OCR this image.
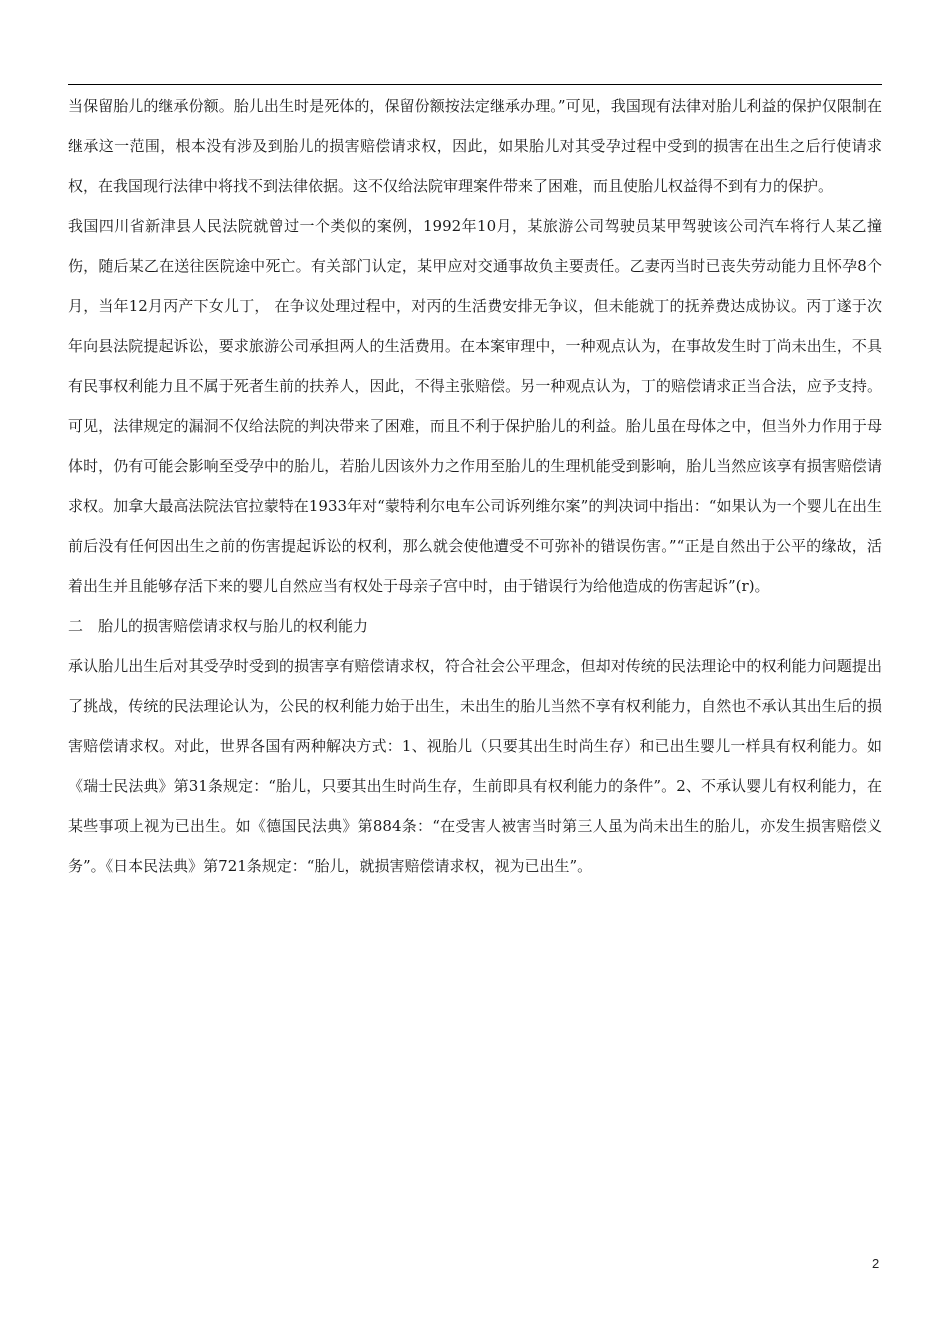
当保留胎儿的继承份额。胎儿出生时是死体的，保留份额按法定继承办理。”可见，我国现有法律对胎儿利益的保护仅限制在继承这一范围，根本没有涉及到胎儿的损害赔偿请求权，因此，如果胎儿对其受孕过程中受到的损害在出生之后行使请求权，在我国现行法律中将找不到法律依据。这不仅给法院审理案件带来了困难，而且使胎儿权益得不到有力的保护。

我国四川省新津县人民法院就曾过一个类似的案例，1992年10月，某旅游公司驾驶员某甲驾驶该公司汽车将行人某乙撞伤，随后某乙在送往医院途中死亡。有关部门认定，某甲应对交通事故负主要责任。乙妻丙当时已丧失劳动能力且怀孕8个月，当年12月丙产下女儿丁， 在争议处理过程中，对丙的生活费安排无争议，但未能就丁的抚养费达成协议。丙丁遂于次年向县法院提起诉讼，要求旅游公司承担两人的生活费用。在本案审理中，一种观点认为，在事故发生时丁尚未出生，不具有民事权利能力且不属于死者生前的扶养人，因此，不得主张赔偿。另一种观点认为，丁的赔偿请求正当合法，应予支持。可见，法律规定的漏洞不仅给法院的判决带来了困难，而且不利于保护胎儿的利益。胎儿虽在母体之中，但当外力作用于母体时，仍有可能会影响至受孕中的胎儿，若胎儿因该外力之作用至胎儿的生理机能受到影响，胎儿当然应该享有损害赔偿请求权。加拿大最高法院法官拉蒙特在1933年对“蒙特利尔电车公司诉列维尔案”的判决词中指出：“如果认为一个婴儿在出生前后没有任何因出生之前的伤害提起诉讼的权利，那么就会使他遭受不可弥补的错误伤害。”“正是自然出于公平的缘故，活着出生并且能够存活下来的婴儿自然应当有权处于母亲子宫中时，由于错误行为给他造成的伤害起诉”(r)。

二　胎儿的损害赔偿请求权与胎儿的权利能力

承认胎儿出生后对其受孕时受到的损害享有赔偿请求权，符合社会公平理念，但却对传统的民法理论中的权利能力问题提出了挑战，传统的民法理论认为，公民的权利能力始于出生，未出生的胎儿当然不享有权利能力，自然也不承认其出生后的损害赔偿请求权。对此，世界各国有两种解决方式：1、视胎儿（只要其出生时尚生存）和已出生婴儿一样具有权利能力。如《瑞士民法典》第31条规定：“胎儿，只要其出生时尚生存，生前即具有权利能力的条件”。2、不承认婴儿有权利能力，在某些事项上视为已出生。如《德国民法典》第884条：“在受害人被害当时第三人虽为尚未出生的胎儿，亦发生损害赔偿义务”。《日本民法典》第721条规定：“胎儿，就损害赔偿请求权，视为已出生”。

2
